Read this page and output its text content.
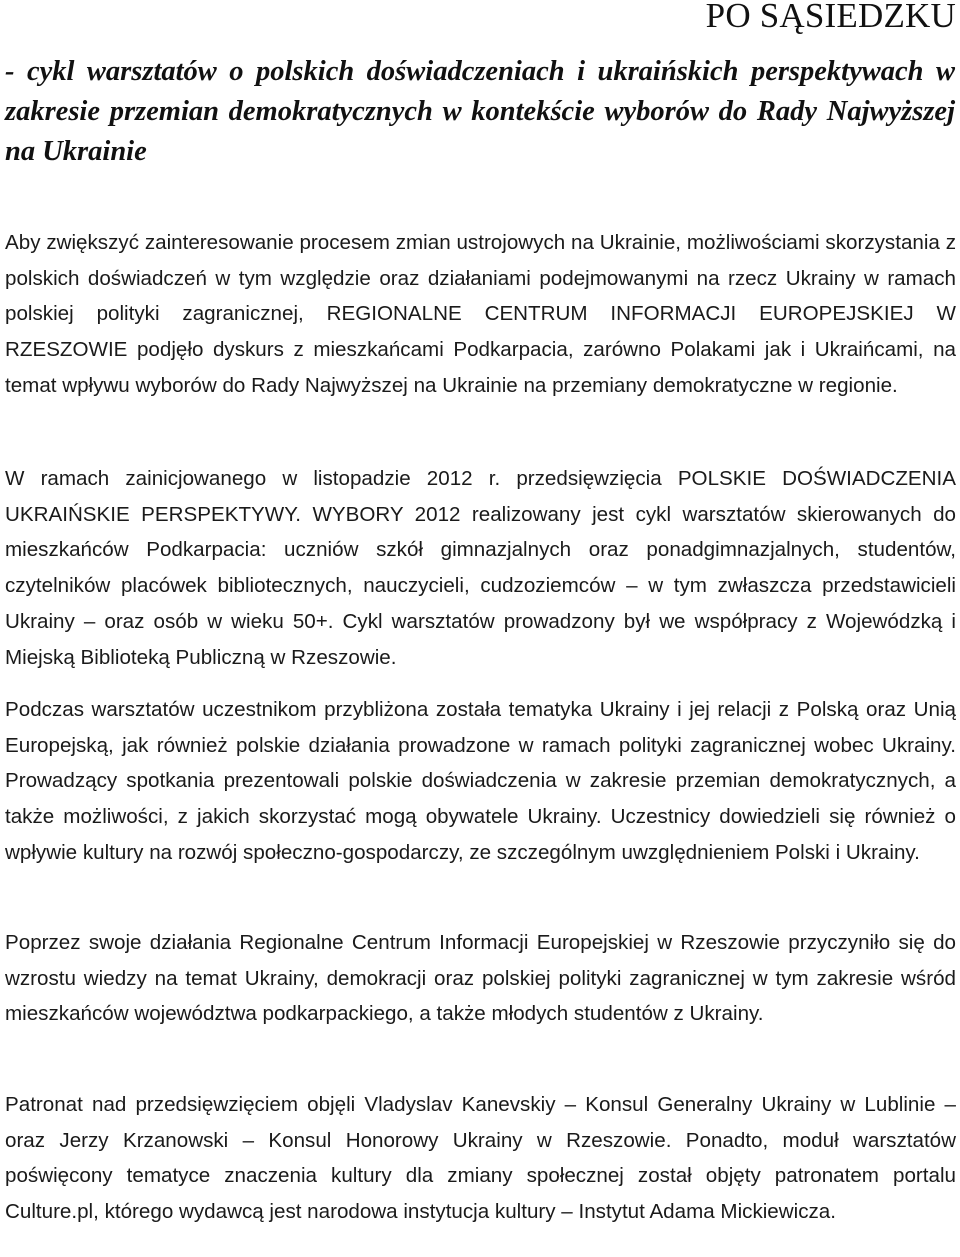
PO SĄSIEDZKU

- cykl warsztatów o polskich doświadczeniach i ukraińskich perspektywach w zakresie przemian demokratycznych w kontekście wyborów do Rady Najwyższej na Ukrainie

Aby zwiększyć zainteresowanie procesem zmian ustrojowych na Ukrainie, możliwościami skorzystania z polskich doświadczeń w tym względzie oraz działaniami podejmowanymi na rzecz Ukrainy w ramach polskiej polityki zagranicznej, REGIONALNE CENTRUM INFORMACJI EUROPEJSKIEJ W RZESZOWIE podjęło dyskurs z mieszkańcami Podkarpacia, zarówno Polakami jak i Ukraińcami, na temat wpływu wyborów do Rady Najwyższej na Ukrainie na przemiany demokratyczne w regionie.

W ramach zainicjowanego w listopadzie 2012 r. przedsięwzięcia POLSKIE DOŚWIADCZENIA UKRAIŃSKIE PERSPEKTYWY. WYBORY 2012 realizowany jest cykl warsztatów skierowanych do mieszkańców Podkarpacia: uczniów szkół gimnazjalnych oraz ponadgimnazjalnych, studentów, czytelników placówek bibliotecznych, nauczycieli, cudzoziemców – w tym zwłaszcza przedstawicieli Ukrainy – oraz osób w wieku 50+. Cykl warsztatów prowadzony był we współpracy z Wojewódzką i Miejską Biblioteką Publiczną w Rzeszowie.

Podczas warsztatów uczestnikom przybliżona została tematyka Ukrainy i jej relacji z Polską oraz Unią Europejską, jak również polskie działania prowadzone w ramach polityki zagranicznej wobec Ukrainy. Prowadzący spotkania prezentowali polskie doświadczenia w zakresie przemian demokratycznych, a także możliwości, z jakich skorzystać mogą obywatele Ukrainy. Uczestnicy dowiedzieli się również o wpływie kultury na rozwój społeczno-gospodarczy, ze szczególnym uwzględnieniem Polski i Ukrainy.

Poprzez swoje działania Regionalne Centrum Informacji Europejskiej w Rzeszowie przyczyniło się do wzrostu wiedzy na temat Ukrainy, demokracji oraz polskiej polityki zagranicznej w tym zakresie wśród mieszkańców województwa podkarpackiego, a także młodych studentów z Ukrainy.

Patronat nad przedsięwzięciem objęli Vladyslav Kanevskiy – Konsul Generalny Ukrainy w Lublinie – oraz Jerzy Krzanowski – Konsul Honorowy Ukrainy w Rzeszowie. Ponadto, moduł warsztatów poświęcony tematyce znaczenia kultury dla zmiany społecznej został objęty patronatem portalu Culture.pl, którego wydawcą jest narodowa instytucja kultury – Instytut Adama Mickiewicza.
